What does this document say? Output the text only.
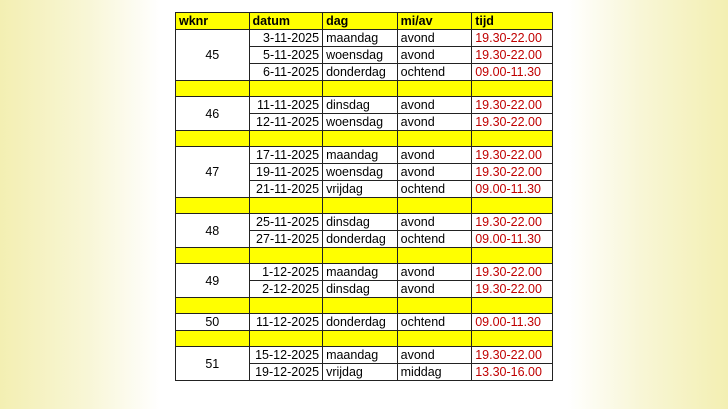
wknr	datum	dag	mi/av	tijd
45	3-11-2025	maandag	avond	19.30-22.00
	5-11-2025	woensdag	avond	19.30-22.00
	6-11-2025	donderdag	ochtend	09.00-11.30

46	11-11-2025	dinsdag	avond	19.30-22.00
	12-11-2025	woensdag	avond	19.30-22.00

47	17-11-2025	maandag	avond	19.30-22.00
	19-11-2025	woensdag	avond	19.30-22.00
	21-11-2025	vrijdag	ochtend	09.00-11.30

48	25-11-2025	dinsdag	avond	19.30-22.00
	27-11-2025	donderdag	ochtend	09.00-11.30

49	1-12-2025	maandag	avond	19.30-22.00
	2-12-2025	dinsdag	avond	19.30-22.00

50	11-12-2025	donderdag	ochtend	09.00-11.30

51	15-12-2025	maandag	avond	19.30-22.00
	19-12-2025	vrijdag	middag	13.30-16.00
